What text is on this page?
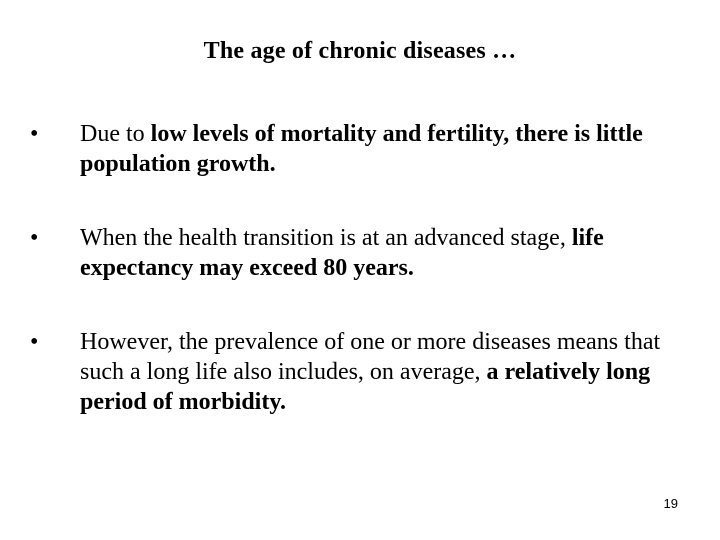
The age of chronic diseases …
• Due to low levels of mortality and fertility, there is little population growth.
• When the health transition is at an advanced stage, life expectancy may exceed 80 years.
• However, the prevalence of one or more diseases means that such a long life also includes, on average, a relatively long period of morbidity.
19
